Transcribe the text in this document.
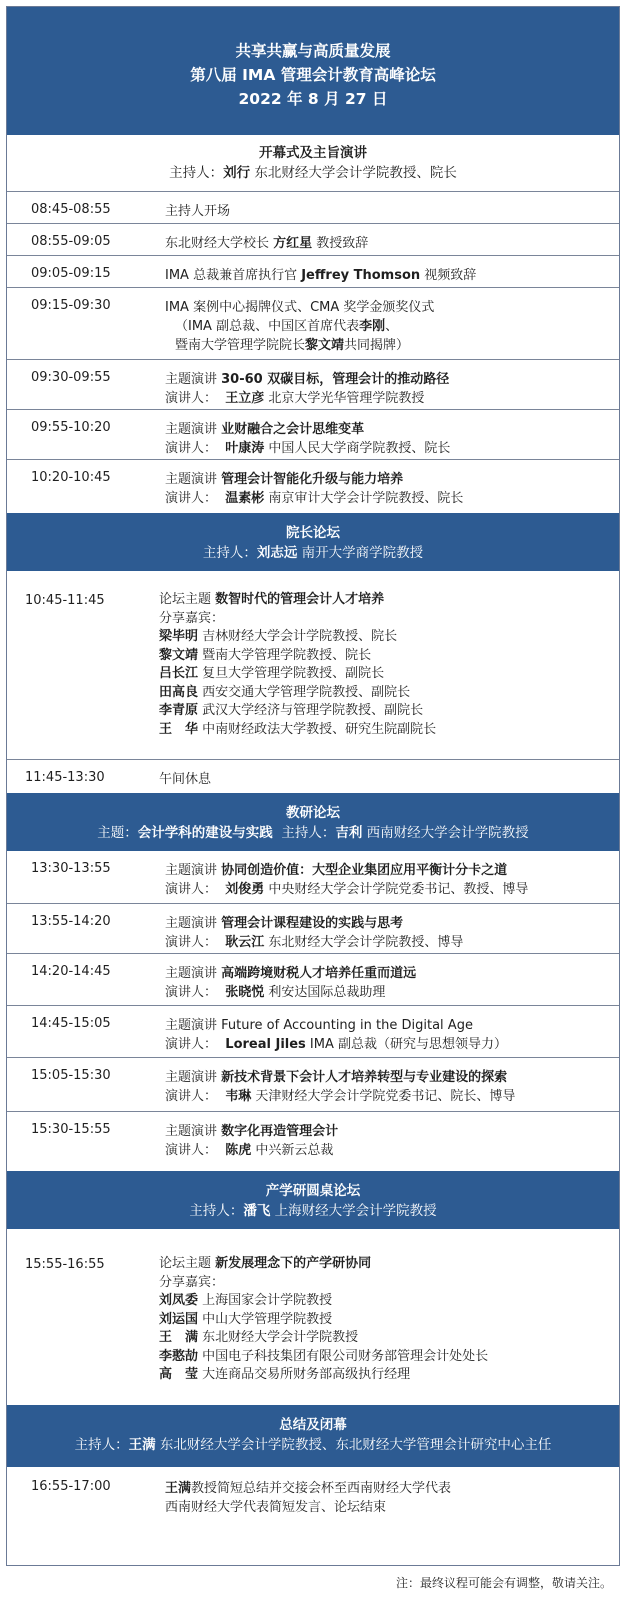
共享共赢与高质量发展
第八届 IMA 管理会计教育高峰论坛
2022 年 8 月 27 日
开幕式及主旨演讲
主持人：刘行 东北财经大学会计学院教授、院长
08:45-08:55	主持人开场
08:55-09:05	东北财经大学校长 方红星 教授致辞
09:05-09:15	IMA 总裁兼首席执行官 Jeffrey Thomson 视频致辞
09:15-09:30	IMA 案例中心揭牌仪式、CMA 奖学金颁奖仪式
（IMA 副总裁、中国区首席代表李刚、
暨南大学管理学院院长黎文靖共同揭牌）
09:30-09:55	主题演讲 30-60 双碳目标，管理会计的推动路径
演讲人： 王立彦 北京大学光华管理学院教授
09:55-10:20	主题演讲 业财融合之会计思维变革
演讲人： 叶康涛 中国人民大学商学院教授、院长
10:20-10:45	主题演讲 管理会计智能化升级与能力培养
演讲人： 温素彬 南京审计大学会计学院教授、院长
院长论坛
主持人：刘志远 南开大学商学院教授
10:45-11:45	论坛主题 数智时代的管理会计人才培养
分享嘉宾：
梁毕明 吉林财经大学会计学院教授、院长
黎文靖 暨南大学管理学院教授、院长
吕长江 复旦大学管理学院教授、副院长
田高良 西安交通大学管理学院教授、副院长
李青原 武汉大学经济与管理学院教授、副院长
王　华 中南财经政法大学教授、研究生院副院长
11:45-13:30	午间休息
教研论坛
主题：会计学科的建设与实践  主持人：吉利 西南财经大学会计学院教授
13:30-13:55	主题演讲 协同创造价值：大型企业集团应用平衡计分卡之道
演讲人： 刘俊勇 中央财经大学会计学院党委书记、教授、博导
13:55-14:20	主题演讲 管理会计课程建设的实践与思考
演讲人： 耿云江 东北财经大学会计学院教授、博导
14:20-14:45	主题演讲 高端跨境财税人才培养任重而道远
演讲人： 张晓悦 利安达国际总裁助理
14:45-15:05	主题演讲 Future of Accounting in the Digital Age
演讲人： Loreal Jiles IMA 副总裁（研究与思想领导力）
15:05-15:30	主题演讲 新技术背景下会计人才培养转型与专业建设的探索
演讲人： 韦琳 天津财经大学会计学院党委书记、院长、博导
15:30-15:55	主题演讲 数字化再造管理会计
演讲人： 陈虎 中兴新云总裁
产学研圆桌论坛
主持人：潘飞 上海财经大学会计学院教授
15:55-16:55	论坛主题 新发展理念下的产学研协同
分享嘉宾：
刘凤委 上海国家会计学院教授
刘运国 中山大学管理学院教授
王　满 东北财经大学会计学院教授
李憨劼 中国电子科技集团有限公司财务部管理会计处处长
高　莹 大连商品交易所财务部高级执行经理
总结及闭幕
主持人：王满 东北财经大学会计学院教授、东北财经大学管理会计研究中心主任
16:55-17:00	王满教授简短总结并交接会杯至西南财经大学代表
西南财经大学代表简短发言、论坛结束
注：最终议程可能会有调整，敬请关注。
